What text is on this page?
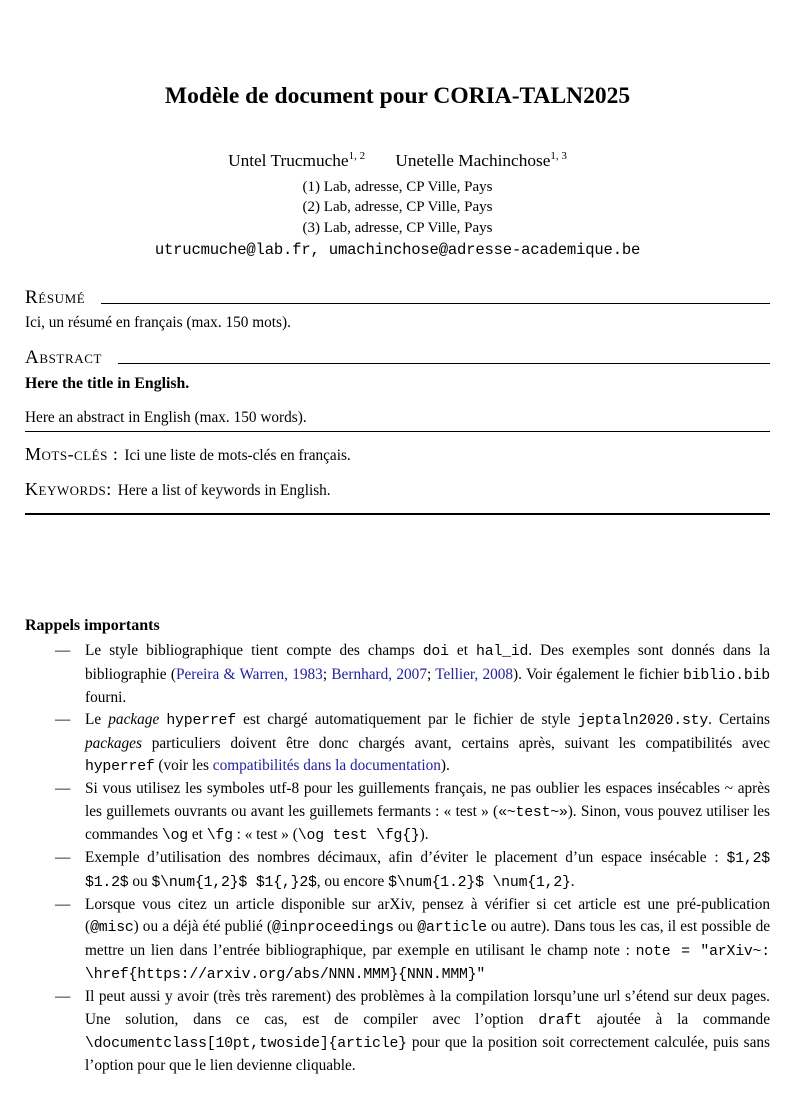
Modèle de document pour CORIA-TALN2025
Untel Trucmuche$^{1, 2}$ Unetelle Machinchose$^{1, 3}$
(1) Lab, adresse, CP Ville, Pays
(2) Lab, adresse, CP Ville, Pays
(3) Lab, adresse, CP Ville, Pays
utrucmuche@lab.fr, umachinchose@adresse-academique.be
Résumé
Ici, un résumé en français (max. 150 mots).
Abstract
Here the title in English.
Here an abstract in English (max. 150 words).
Mots-clés : Ici une liste de mots-clés en français.
Keywords: Here a list of keywords in English.
Rappels importants
— Le style bibliographique tient compte des champs doi et hal_id. Des exemples sont donnés dans la bibliographie (Pereira & Warren, 1983; Bernhard, 2007; Tellier, 2008). Voir également le fichier biblio.bib fourni.
— Le package hyperref est chargé automatiquement par le fichier de style jeptaln2020.sty. Certains packages particuliers doivent être donc chargés avant, certains après, suivant les compatibilités avec hyperref (voir les compatibilités dans la documentation).
— Si vous utilisez les symboles utf-8 pour les guillements français, ne pas oublier les espaces insécables ~ après les guillemets ouvrants ou avant les guillemets fermants : « test » («~test~»). Sinon, vous pouvez utiliser les commandes \og et \fg : « test » (\og test \fg{}).
— Exemple d’utilisation des nombres décimaux, afin d’éviter le placement d’un espace insécable : $1,2$ $1.2$ ou $\num{1,2}$ $1{,}2$, ou encore $\num{1.2}$ \num{1,2}.
— Lorsque vous citez un article disponible sur arXiv, pensez à vérifier si cet article est une pré-publication (@misc) ou a déjà été publié (@inproceedings ou @article ou autre). Dans tous les cas, il est possible de mettre un lien dans l’entrée bibliographique, par exemple en utilisant le champ note : note = "arXiv~: \href{https://arxiv.org/abs/NNN.MMM}{NNN.MMM}"
— Il peut aussi y avoir (très très rarement) des problèmes à la compilation lorsqu’une url s’étend sur deux pages. Une solution, dans ce cas, est de compiler avec l’option draft ajoutée à la commande \documentclass[10pt,twoside]{article} pour que la position soit correctement calculée, puis sans l’option pour que le lien devienne cliquable.
